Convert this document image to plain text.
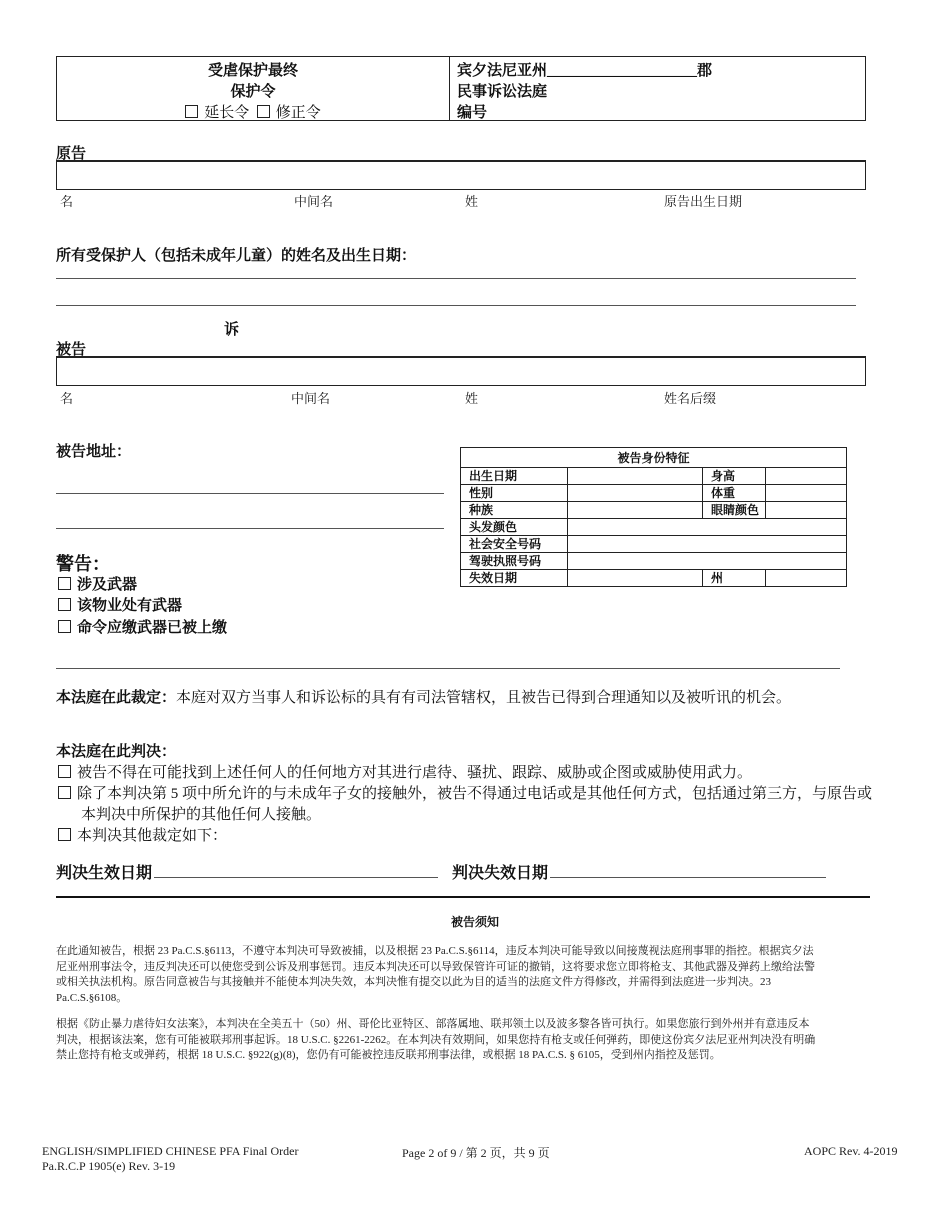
受虐保护最终
保护令
延长令 修正令
宾夕法尼亚州____________________郡
民事诉讼法庭
编号
原告
名	中间名	姓	原告出生日期
所有受保护人（包括未成年儿童）的姓名及出生日期：
诉
被告
名	中间名	姓	姓名后缀
被告地址：	被告身份特征			
出生日期		身高	
性别		体重	
种族		眼睛颜色	
头发颜色			
社会安全号码			
驾驶执照号码			
失效日期		州	
警告：
涉及武器
该物业处有武器
命令应缴武器已被上缴
本法庭在此裁定：本庭对双方当事人和诉讼标的具有有司法管辖权，且被告已得到合理通知以及被听讯的机会。
本法庭在此判决：
被告不得在可能找到上述任何人的任何地方对其进行虐待、骚扰、跟踪、威胁或企图或威胁使用武力。
除了本判决第 5 项中所允许的与未成年子女的接触外，被告不得通过电话或是其他任何方式，包括通过第三方，与原告或
本判决中所保护的其他任何人接触。
本判决其他裁定如下：
判决生效日期	判决失效日期
被告须知
在此通知被告，根据 23 Pa.C.S.§6113，不遵守本判决可导致被捕，以及根据 23 Pa.C.S.§6114，违反本判决可能导致以间接蔑视法庭刑事罪的指控。根据宾夕法
尼亚州刑事法令，违反判决还可以使您受到公诉及刑事惩罚。违反本判决还可以导致保管许可证的撤销，这将要求您立即将枪支、其他武器及弹药上缴给法警
或相关执法机构。原告同意被告与其接触并不能使本判决失效，本判决惟有提交以此为目的适当的法庭文件方得修改，并需得到法庭进一步判决。23
Pa.C.S.§6108。
根据《防止暴力虐待妇女法案》，本判决在全美五十（50）州、哥伦比亚特区、部落属地、联邦领土以及波多黎各皆可执行。如果您旅行到外州并有意违反本
判决，根据该法案，您有可能被联邦刑事起诉。18 U.S.C. §2261-2262。在本判决有效期间，如果您持有枪支或任何弹药，即使这份宾夕法尼亚州判决没有明确
禁止您持有枪支或弹药，根据 18 U.S.C. §922(g)(8)，您仍有可能被控违反联邦刑事法律，或根据 18 PA.C.S. § 6105，受到州内指控及惩罚。
ENGLISH/SIMPLIFIED CHINESE PFA Final Order
Pa.R.C.P 1905(e) Rev. 3-19
Page 2 of 9 / 第 2 页，共 9 页	AOPC Rev. 4-2019
